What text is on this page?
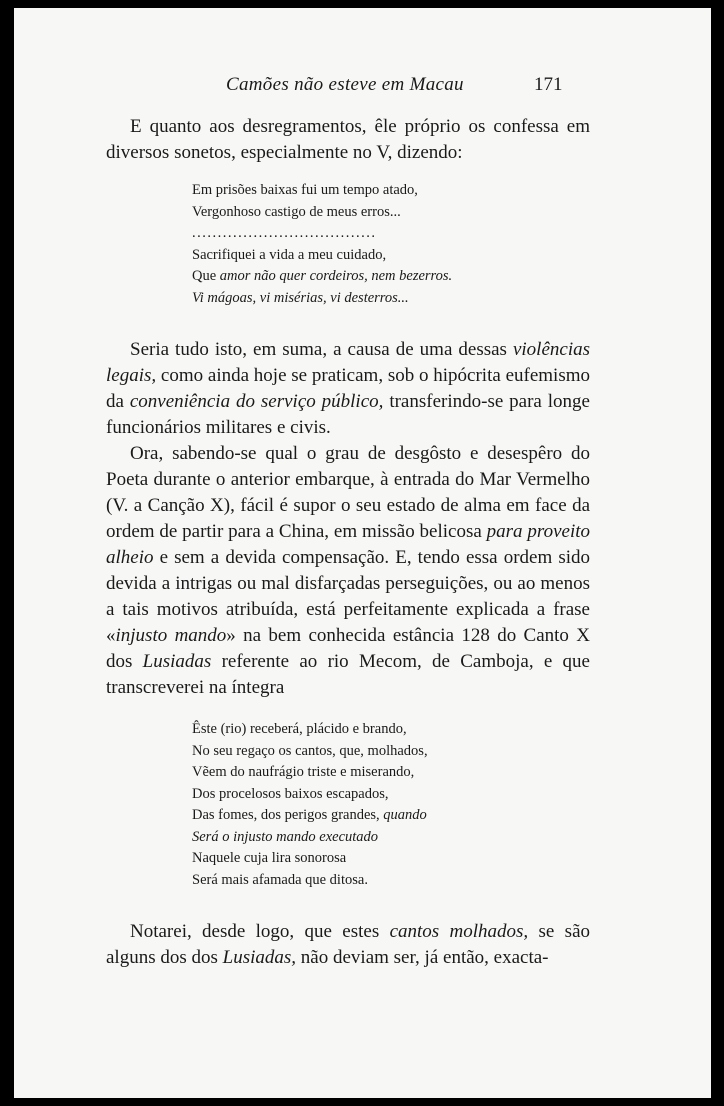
Camões não esteve em Macau	171

E quanto aos desregramentos, êle próprio os confessa em diversos sonetos, especialmente no V, dizendo:

Em prisões baixas fui um tempo atado,
Vergonhoso castigo de meus erros...
....................................
Sacrifiquei a vida a meu cuidado,
Que amor não quer cordeiros, nem bezerros.
Vi mágoas, vi misérias, vi desterros...

Seria tudo isto, em suma, a causa de uma dessas violências legais, como ainda hoje se praticam, sob o hipócrita eufemismo da conveniência do serviço público, transferindo-se para longe funcionários militares e civis.

Ora, sabendo-se qual o grau de desgôsto e desespêro do Poeta durante o anterior embarque, à entrada do Mar Vermelho (V. a Canção X), fácil é supor o seu estado de alma em face da ordem de partir para a China, em missão belicosa para proveito alheio e sem a devida compensação. E, tendo essa ordem sido devida a intrigas ou mal disfarçadas perseguições, ou ao menos a tais motivos atribuída, está perfeitamente explicada a frase «injusto mando» na bem conhecida estância 128 do Canto X dos Lusiadas referente ao rio Mecom, de Camboja, e que transcreverei na íntegra

Êste (rio) receberá, plácido e brando,
No seu regaço os cantos, que, molhados,
Vẽem do naufrágio triste e miserando,
Dos procelosos baixos escapados,
Das fomes, dos perigos grandes, quando
Será o injusto mando executado
Naquele cuja lira sonorosa
Será mais afamada que ditosa.

Notarei, desde logo, que estes cantos molhados, se são alguns dos dos Lusiadas, não deviam ser, já então, exacta-
